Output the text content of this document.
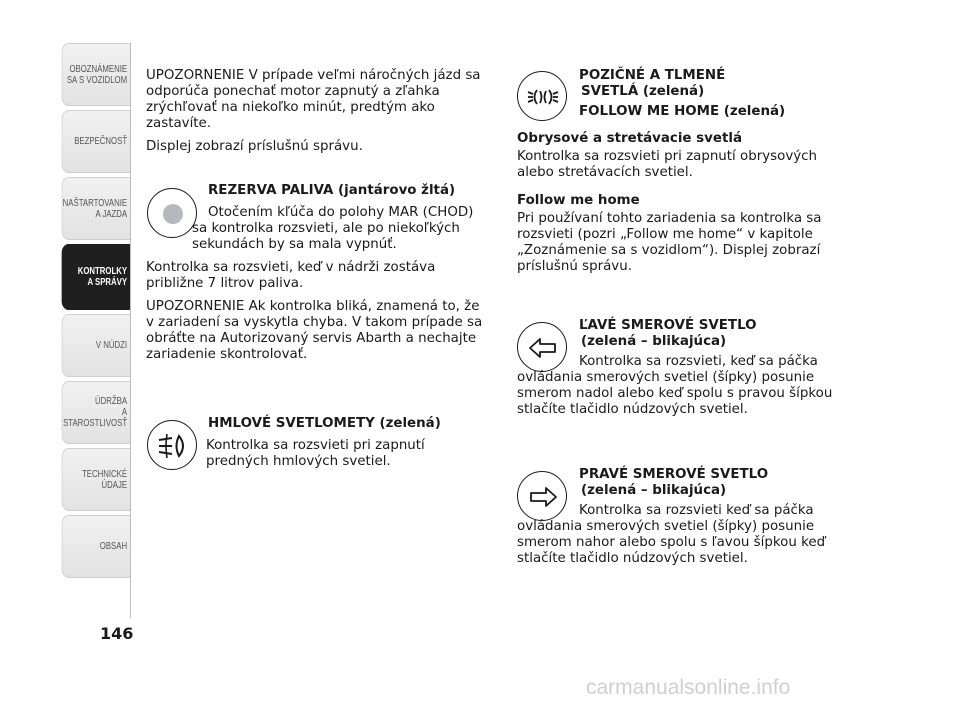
OBOZNÁMENIE
SA S VOZIDLOM
BEZPEČNOSŤ
NAŠTARTOVANIE
A JAZDA
KONTROLKY
A SPRÁVY
V NÚDZI
ÚDRŽBA
A STAROSTLIVOSŤ
TECHNICKÉ
ÚDAJE
OBSAH
146

UPOZORNENIE V prípade veľmi náročných jázd sa odporúča ponechať motor zapnutý a zľahka zrýchľovať na niekoľko minút, predtým ako zastavíte.

Displej zobrazí príslušnú správu.

REZERVA PALIVA (jantárovo žltá)

Otočením kľúča do polohy MAR (CHOD) sa kontrolka rozsvieti, ale po niekoľkých sekundách by sa mala vypnúť.

Kontrolka sa rozsvieti, keď v nádrži zostáva približne 7 litrov paliva.

UPOZORNENIE Ak kontrolka bliká, znamená to, že v zariadení sa vyskytla chyba. V takom prípade sa obráťte na Autorizovaný servis Abarth a nechajte zariadenie skontrolovať.

HMLOVÉ SVETLOMETY (zelená)

Kontrolka sa rozsvieti pri zapnutí predných hmlových svetiel.

POZIČNÉ A TLMENÉ

SVETLÁ (zelená)

FOLLOW ME HOME (zelená)

Obrysové a stretávacie svetlá

Kontrolka sa rozsvieti pri zapnutí obrysových alebo stretávacích svetiel.

Follow me home

Pri používaní tohto zariadenia sa kontrolka sa rozsvieti (pozri „Follow me home“ v kapitole „Zoznámenie sa s vozidlom“). Displej zobrazí príslušnú správu.

ĽAVÉ SMEROVÉ SVETLO

(zelená – blikajúca)

Kontrolka sa rozsvieti, keď sa páčka ovládania smerových svetiel (šípky) posunie smerom nadol alebo keď spolu s pravou šípkou stlačíte tlačidlo núdzových svetiel.

PRAVÉ SMEROVÉ SVETLO

(zelená – blikajúca)

Kontrolka sa rozsvieti keď sa páčka ovládania smerových svetiel (šípky) posunie smerom nahor alebo spolu s ľavou šípkou keď stlačíte tlačidlo núdzových svetiel.

carmanualsonline.info
